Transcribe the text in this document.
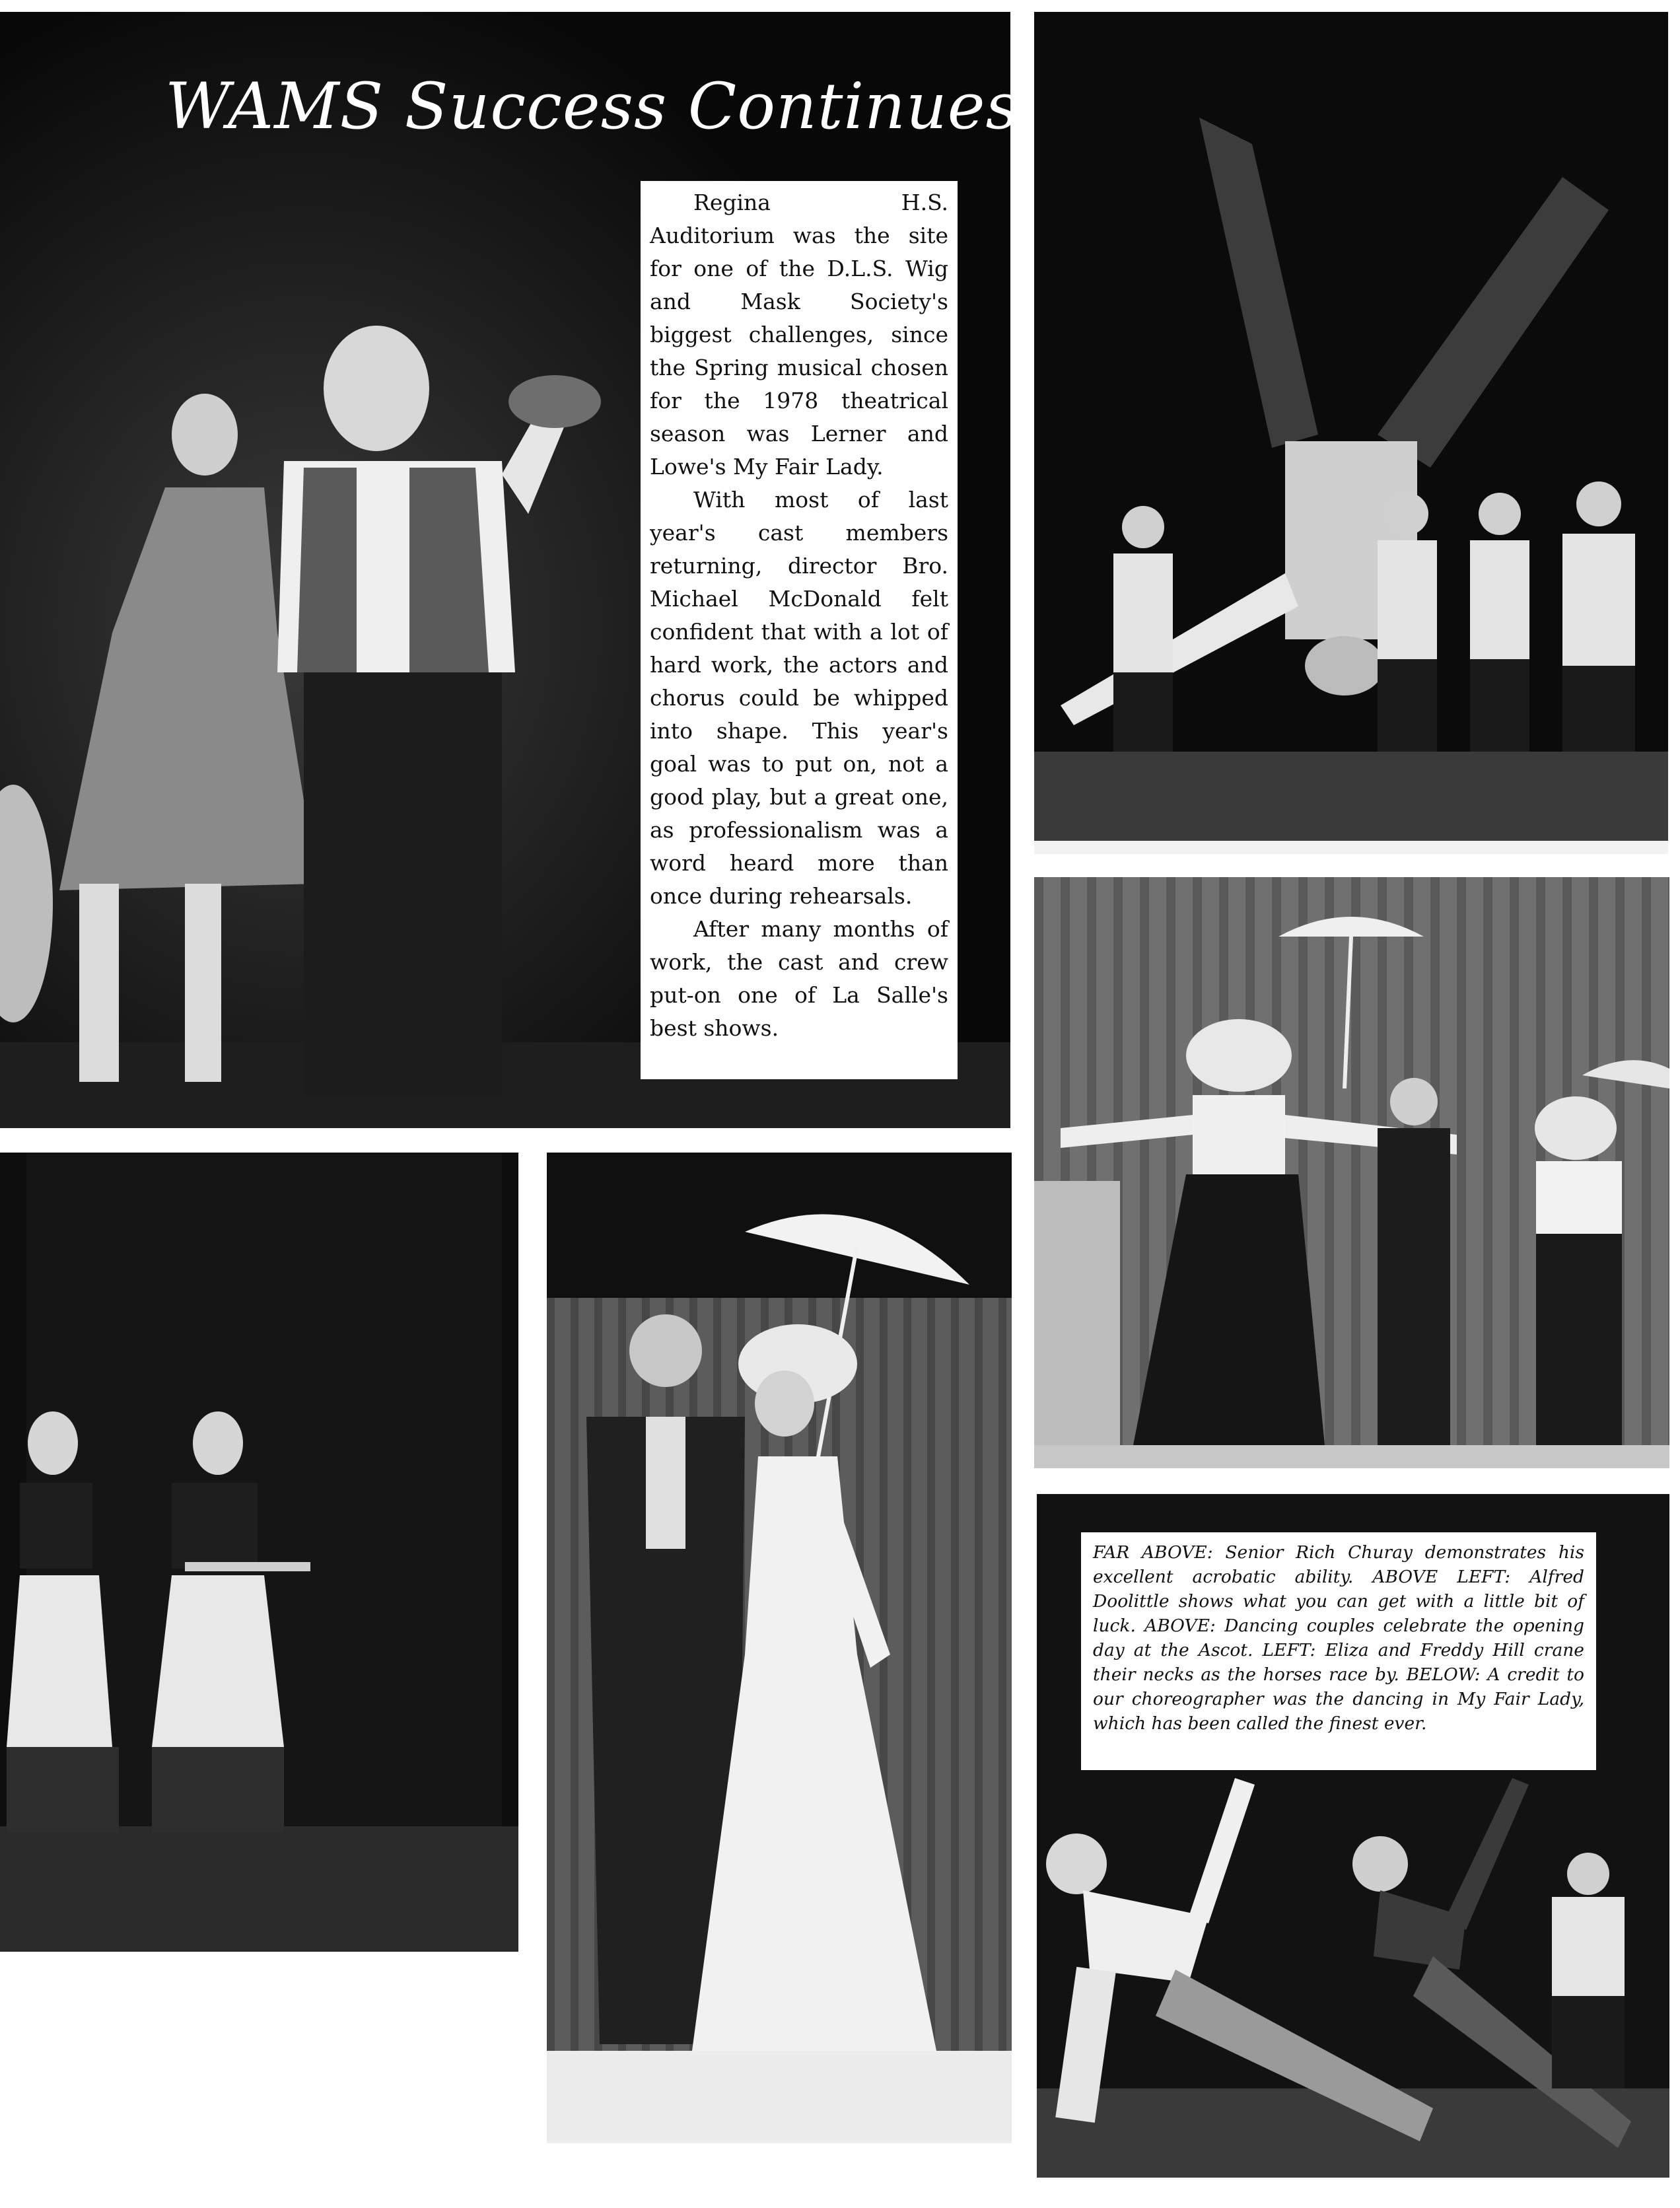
WAMS Success Continues

Regina H.S. Auditorium was the site for one of the D.L.S. Wig and Mask Society's biggest challenges, since the Spring musical chosen for the 1978 theatrical season was Lerner and Lowe's My Fair Lady.

With most of last year's cast members returning, director Bro. Michael McDonald felt confident that with a lot of hard work, the actors and chorus could be whipped into shape. This year's goal was to put on, not a good play, but a great one, as professionalism was a word heard more than once during rehearsals.

After many months of work, the cast and crew put-on one of La Salle's best shows.

FAR ABOVE: Senior Rich Churay demonstrates his excellent acrobatic ability. ABOVE LEFT: Alfred Doolittle shows what you can get with a little bit of luck. ABOVE: Dancing couples celebrate the opening day at the Ascot. LEFT: Eliza and Freddy Hill crane their necks as the horses race by. BELOW: A credit to our choreographer was the dancing in My Fair Lady, which has been called the finest ever.
